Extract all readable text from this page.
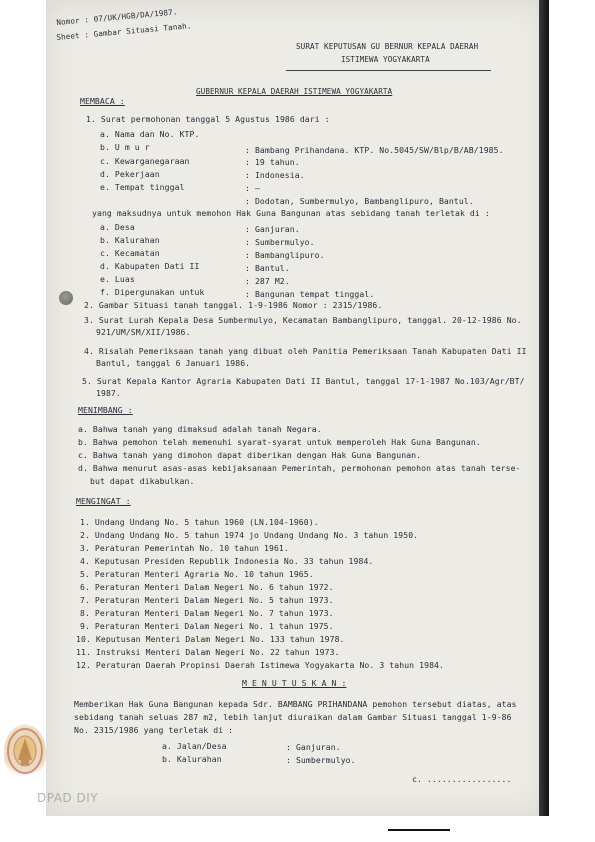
Nomor : 07/UK/HGB/DA/1987.
Sheet : Gambar Situasi Tanah.
SURAT KEPUTUSAN GU BERNUR KEPALA DAERAH
ISTIMEWA YOGYAKARTA
GUBERNUR KEPALA DAERAH ISTIMEWA YOGYAKARTA
MEMBACA :
1. Surat permohonan tanggal 5 Agustus 1986 dari :
a. Nama dan No. KTP.
: Bambang Prihandana. KTP. No.5045/SW/Blp/B/AB/1985.
b. U m u r
: 19 tahun.
c. Kewarganegaraan
: Indonesia.
d. Pekerjaan
: —
e. Tempat tinggal
: Dodotan, Sumbermulyo, Bambanglipuro, Bantul.
yang maksudnya untuk memohon Hak Guna Bangunan atas sebidang tanah terletak di :
a. Desa	: Ganjuran.
b. Kalurahan	: Sumbermulyo.
c. Kecamatan	: Bambanglipuro.
d. Kabupaten Dati II	: Bantul.
e. Luas	: 287 M2.
f. Dipergunakan untuk	: Bangunan tempat tinggal.
2. Gambar Situasi tanah tanggal. 1-9-1986 Nomor : 2315/1986.
3. Surat Lurah Kepala Desa Sumbermulyo, Kecamatan Bambanglipuro, tanggal. 20-12-1986 No.
921/UM/SM/XII/1986.
4. Risalah Pemeriksaan tanah yang dibuat oleh Panitia Pemeriksaan Tanah Kabupaten Dati II
Bantul, tanggal 6 Januari 1986.
5. Surat Kepala Kantor Agraria Kabupaten Dati II Bantul, tanggal 17-1-1987 No.103/Agr/BT/
1987.
MENIMBANG :
a. Bahwa tanah yang dimaksud adalah tanah Negara.
b. Bahwa pemohon telah memenuhi syarat-syarat untuk memperoleh Hak Guna Bangunan.
c. Bahwa tanah yang dimohon dapat diberikan dengan Hak Guna Bangunan.
d. Bahwa menurut asas-asas kebijaksanaan Pemerintah, permohonan pemohon atas tanah terse-
but dapat dikabulkan.
MENGINGAT :
1. Undang Undang No. 5 tahun 1960 (LN.104-1960).
2. Undang Undang No. 5 tahun 1974 jo Undang Undang No. 3 tahun 1950.
3. Peraturan Pemerintah No. 10 tahun 1961.
4. Keputusan Presiden Republik Indonesia No. 33 tahun 1984.
5. Peraturan Menteri Agraria No. 10 tahun 1965.
6. Peraturan Menteri Dalam Negeri No. 6 tahun 1972.
7. Peraturan Menteri Dalam Negeri No. 5 tahun 1973.
8. Peraturan Menteri Dalam Negeri No. 7 tahun 1973.
9. Peraturan Menteri Dalam Negeri No. 1 tahun 1975.
10. Keputusan Menteri Dalam Negeri No. 133 tahun 1978.
11. Instruksi Menteri Dalam Negeri No. 22 tahun 1973.
12. Peraturan Daerah Propinsi Daerah Istimewa Yogyakarta No. 3 tahun 1984.
M E N U T U S K A N :
Memberikan Hak Guna Bangunan kepada Sdr. BAMBANG PRIHANDANA pemohon tersebut diatas, atas
sebidang tanah seluas 287 m2, lebih lanjut diuraikan dalam Gambar Situasi tanggal 1-9-86
No. 2315/1986 yang terletak di :
a. Jalan/Desa	: Ganjuran.
b. Kalurahan	: Sumbermulyo.
c. .................
DPAD DIY
